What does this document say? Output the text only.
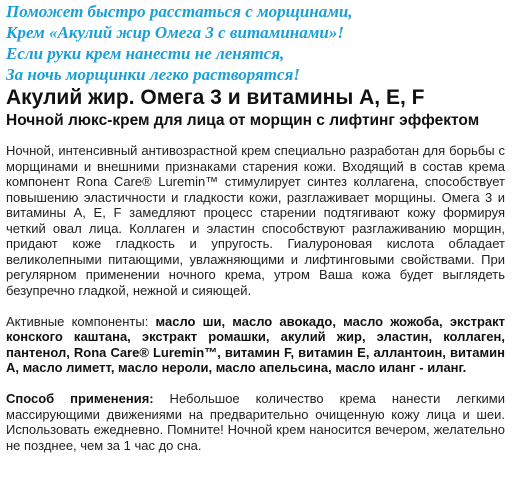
Поможет быстро расстаться с морщинами,
Крем «Акулий жир Омега 3 с витаминами»!
Если руки крем нанести не ленятся,
За ночь морщинки легко растворятся!
Акулий жир. Омега 3 и витамины А, Е, F
Ночной люкс-крем для лица от морщин с лифтинг эффектом

Ночной, интенсивный антивозрастной крем специально разработан для борьбы с морщинами и внешними признаками старения кожи. Входящий в состав крема компонент Rona Care® Luremin™ стимулирует синтез коллагена, способствует повышению эластичности и гладкости кожи, разглаживает морщины. Омега 3 и витамины А, Е, F замедляют процесс старении подтягивают кожу формируя четкий овал лица. Коллаген и эластин способствуют разглаживанию морщин, придают коже гладкость и упругость. Гиалуроновая кислота обладает великолепными питающими, увлажняющими и лифтинговыми свойствами. При регулярном применении ночного крема, утром Ваша кожа будет выглядеть безупречно гладкой, нежной и сияющей.

Активные компоненты: масло ши, масло авокадо, масло жожоба, экстракт конского каштана, экстракт ромашки, акулий жир, эластин, коллаген, пантенол, Rona Care® Luremin™, витамин F, витамин Е, аллантоин, витамин А, масло лиметт, масло нероли, масло апельсина, масло иланг - иланг.

Способ применения: Небольшое количество крема нанести легкими массирующими движениями на предварительно очищенную кожу лица и шеи. Использовать ежедневно. Помните! Ночной крем наносится вечером, желательно не позднее, чем за 1 час до сна.
